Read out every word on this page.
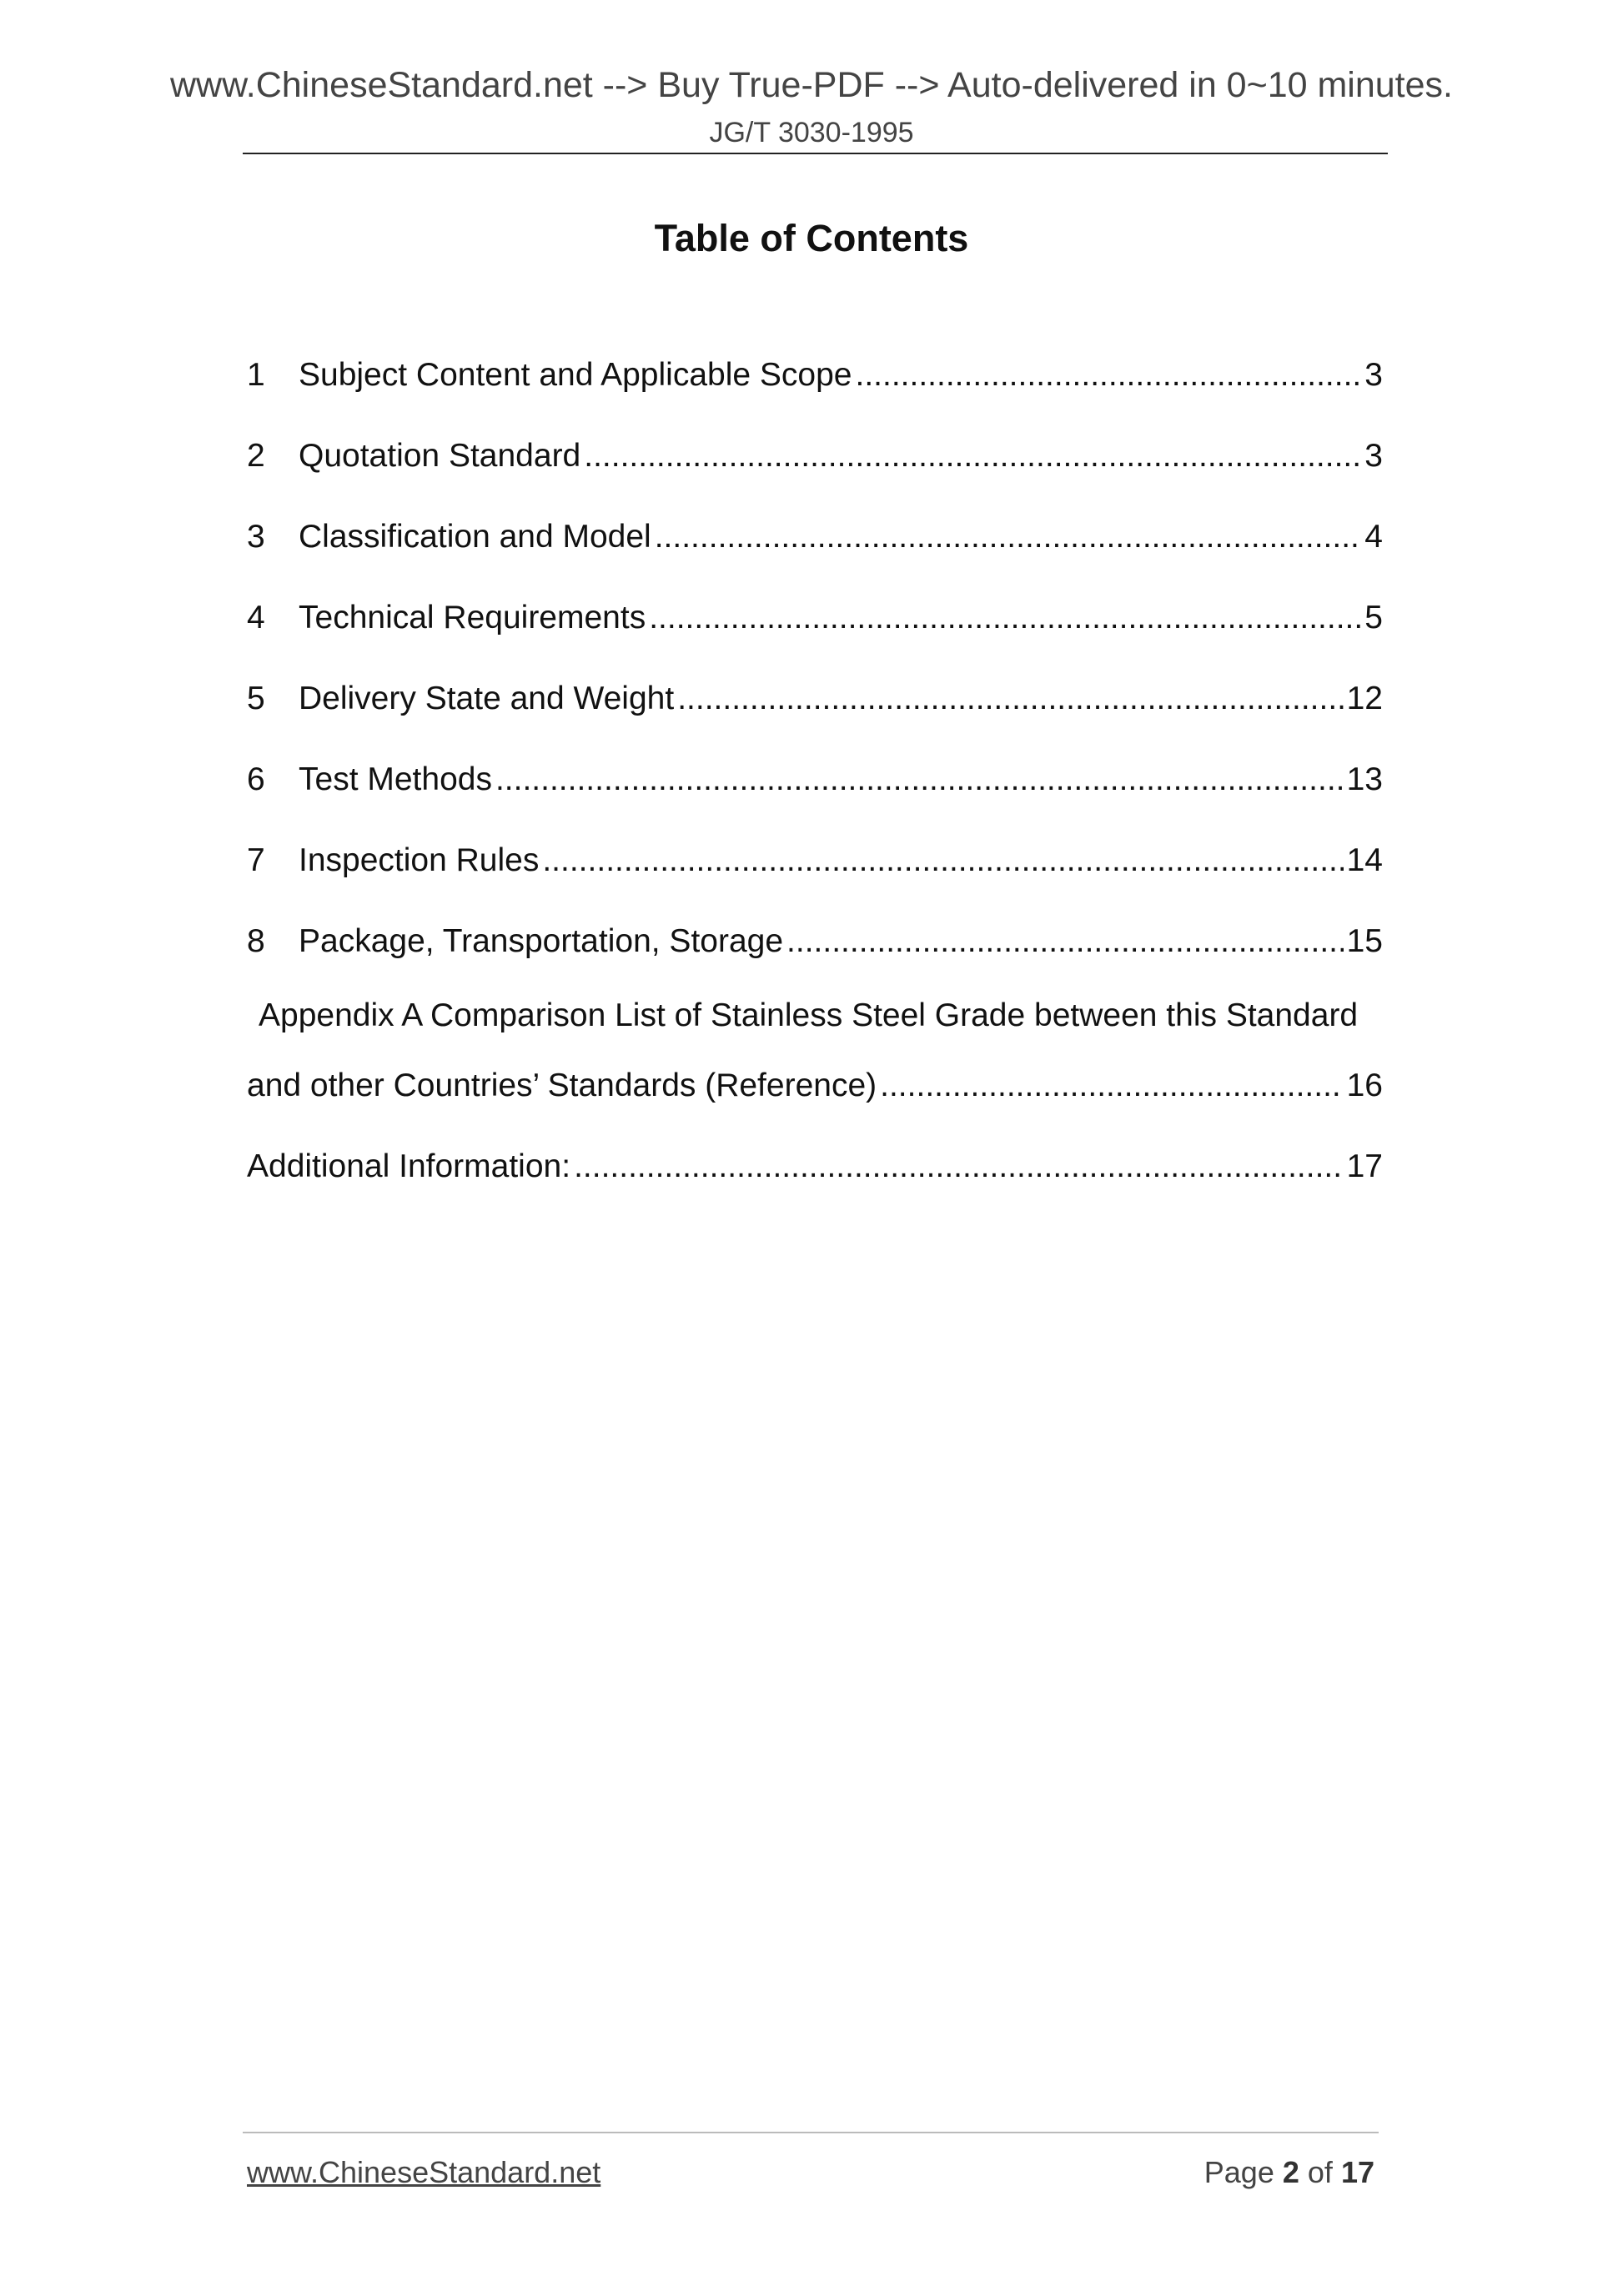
www.ChineseStandard.net --> Buy True-PDF --> Auto-delivered in 0~10 minutes.
JG/T 3030-1995
Table of Contents
1	Subject Content and Applicable Scope .....	3
2	Quotation Standard .....	3
3	Classification and Model .....	4
4	Technical Requirements .....	5
5	Delivery State and Weight .....	12
6	Test Methods .....	13
7	Inspection Rules .....	14
8	Package, Transportation, Storage .....	15
Appendix A Comparison List of Stainless Steel Grade between this Standard
and other Countries’ Standards (Reference) .....	16
Additional Information: .....	17
www.ChineseStandard.net	Page 2 of 17
